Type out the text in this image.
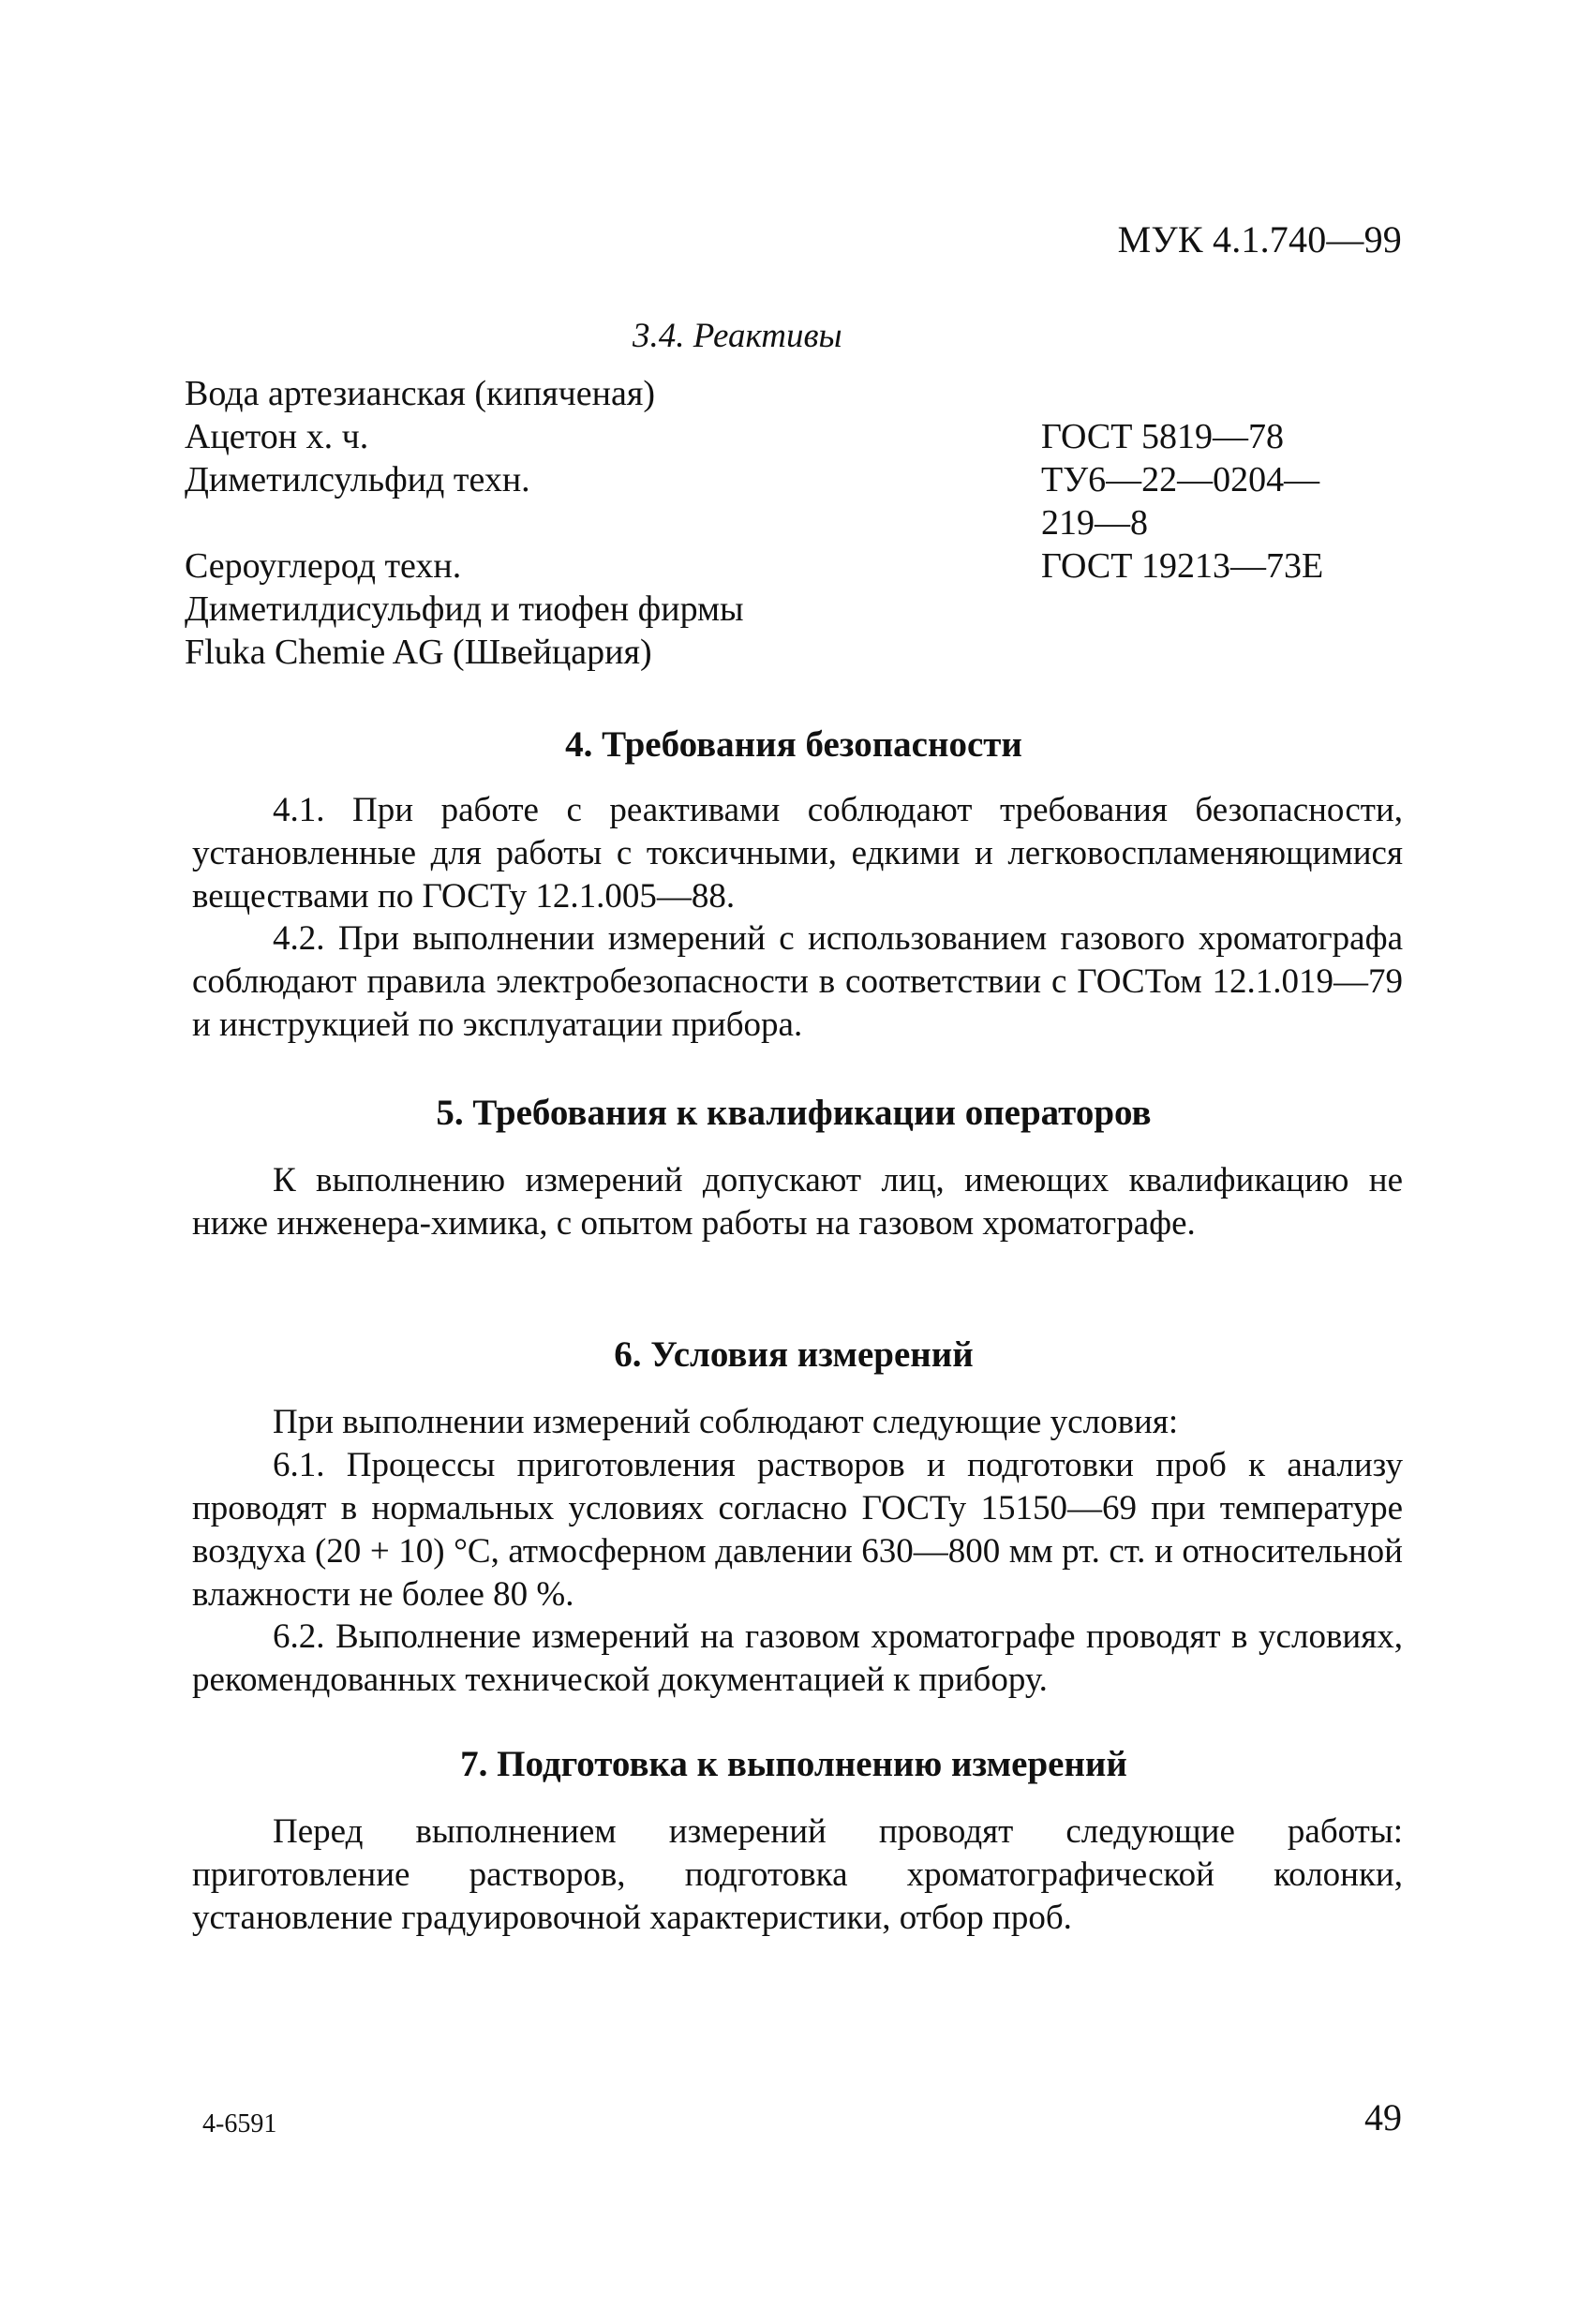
МУК 4.1.740—99
3.4. Реактивы
Вода артезианская (кипяченая)
Ацетон х. ч.	ГОСТ 5819—78
Диметилсульфид техн.	ТУ6—22—0204—
219—8
Сероуглерод техн.	ГОСТ 19213—73Е
Диметилдисульфид и тиофен фирмы
Fluka Chemie AG (Швейцария)
4. Требования безопасности
4.1. При работе с реактивами соблюдают требования безопасности, установленные для работы с токсичными, едкими и легковоспламеняющимися веществами по ГОСТу 12.1.005—88.
4.2. При выполнении измерений с использованием газового хроматографа соблюдают правила электробезопасности в соответствии с ГОСТом 12.1.019—79 и инструкцией по эксплуатации прибора.
5. Требования к квалификации операторов
К выполнению измерений допускают лиц, имеющих квалификацию не ниже инженера-химика, с опытом работы на газовом хроматографе.
6. Условия измерений
При выполнении измерений соблюдают следующие условия:
6.1. Процессы приготовления растворов и подготовки проб к анализу проводят в нормальных условиях согласно ГОСТу 15150—69 при температуре воздуха (20 + 10) °С, атмосферном давлении 630—800 мм рт. ст. и относительной влажности не более 80 %.
6.2. Выполнение измерений на газовом хроматографе проводят в условиях, рекомендованных технической документацией к прибору.
7. Подготовка к выполнению измерений
Перед выполнением измерений проводят следующие работы: приготовление растворов, подготовка хроматографической колонки, установление градуировочной характеристики, отбор проб.
4-6591	49
